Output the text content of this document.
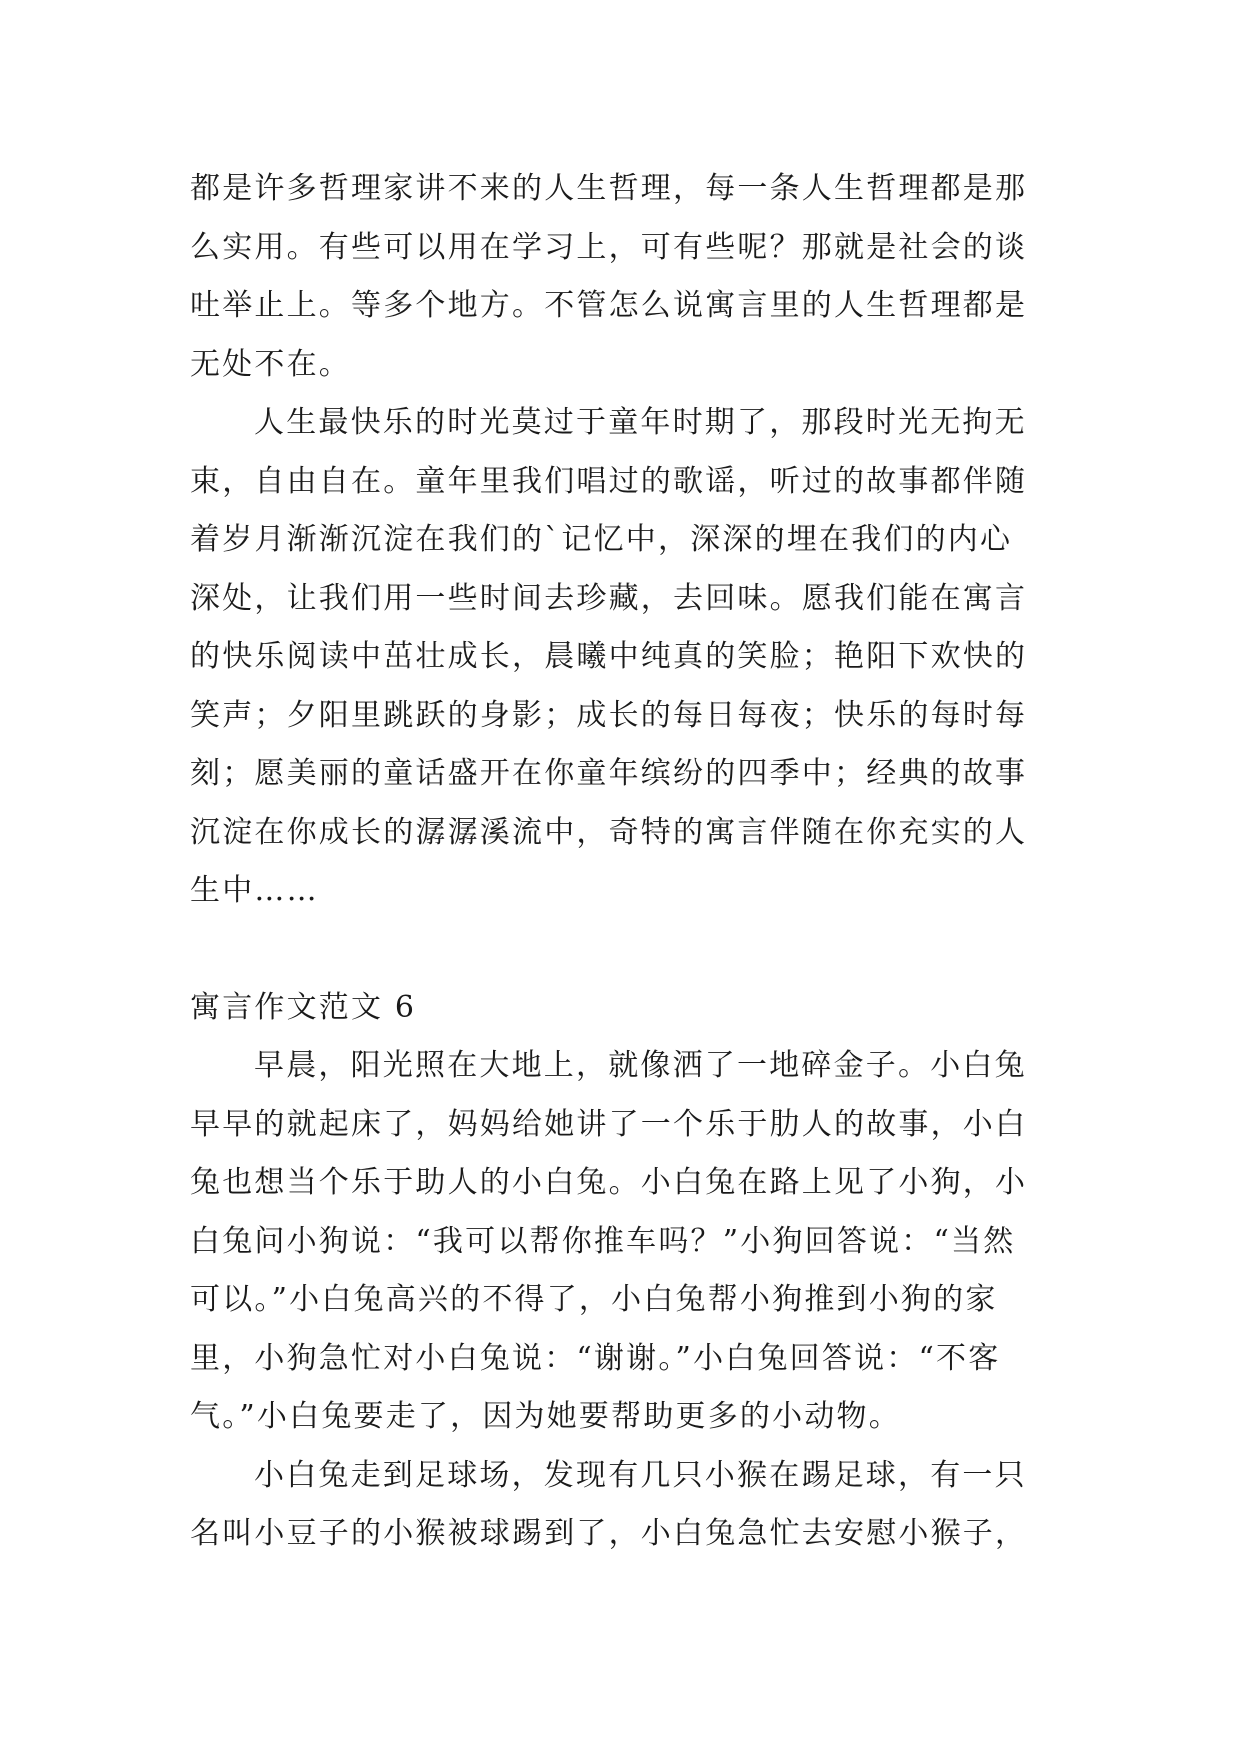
都是许多哲理家讲不来的人生哲理，每一条人生哲理都是那
么实用。有些可以用在学习上，可有些呢？那就是社会的谈
吐举止上。等多个地方。不管怎么说寓言里的人生哲理都是
无处不在。
人生最快乐的时光莫过于童年时期了，那段时光无拘无
束，自由自在。童年里我们唱过的歌谣，听过的故事都伴随
着岁月渐渐沉淀在我们的`记忆中，深深的埋在我们的内心
深处，让我们用一些时间去珍藏，去回味。愿我们能在寓言
的快乐阅读中茁壮成长，晨曦中纯真的笑脸；艳阳下欢快的
笑声；夕阳里跳跃的身影；成长的每日每夜；快乐的每时每
刻；愿美丽的童话盛开在你童年缤纷的四季中；经典的故事
沉淀在你成长的潺潺溪流中，奇特的寓言伴随在你充实的人
生中……
寓言作文范文 6
早晨，阳光照在大地上，就像洒了一地碎金子。小白兔
早早的就起床了，妈妈给她讲了一个乐于肋人的故事，小白
兔也想当个乐于助人的小白兔。小白兔在路上见了小狗，小
白兔问小狗说：“我可以帮你推车吗？”小狗回答说：“当然
可以。”小白兔高兴的不得了，小白兔帮小狗推到小狗的家
里，小狗急忙对小白兔说：“谢谢。”小白兔回答说：“不客
气。”小白兔要走了，因为她要帮助更多的小动物。
小白兔走到足球场，发现有几只小猴在踢足球，有一只
名叫小豆子的小猴被球踢到了，小白兔急忙去安慰小猴子，
